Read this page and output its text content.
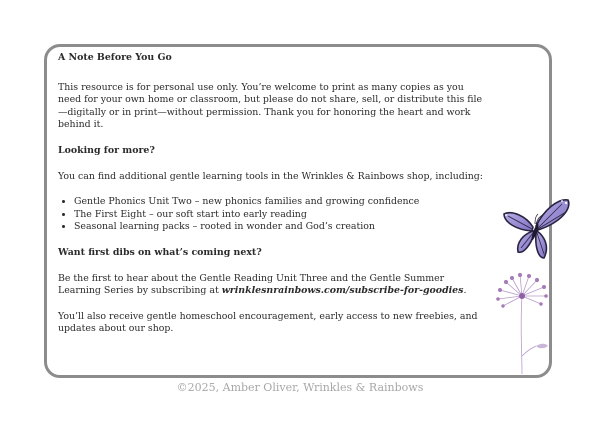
A Note Before You Go

This resource is for personal use only. You’re welcome to print as many copies as you need for your own home or classroom, but please do not share, sell, or distribute this file—digitally or in print—without permission. Thank you for honoring the heart and work behind it.

Looking for more?

You can find additional gentle learning tools in the Wrinkles & Rainbows shop, including:

• Gentle Phonics Unit Two – new phonics families and growing confidence
• The First Eight – our soft start into early reading
• Seasonal learning packs – rooted in wonder and God’s creation

Want first dibs on what’s coming next?

Be the first to hear about the Gentle Reading Unit Three and the Gentle Summer Learning Series by subscribing at wrinklesnrainbows.com/subscribe-for-goodies.

You’ll also receive gentle homeschool encouragement, early access to new freebies, and updates about our shop.

©2025, Amber Oliver, Wrinkles & Rainbows
